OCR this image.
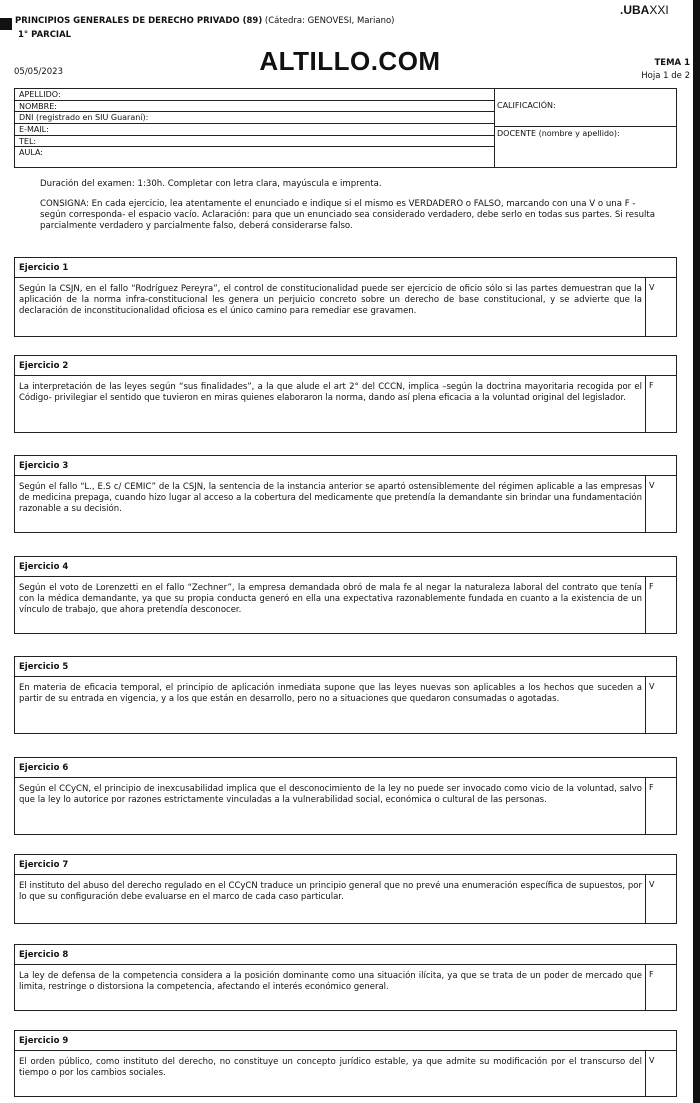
PRINCIPIOS GENERALES DE DERECHO PRIVADO (89) (Cátedra: GENOVESI, Mariano)
1° PARCIAL
.UBAXXI
ALTILLO.COM
05/05/2023
TEMA 1
Hoja 1 de 2
APELLIDO:
NOMBRE:
DNI (registrado en SIU Guaraní):
E-MAIL:
TEL:
AULA:
CALIFICACIÓN:
DOCENTE (nombre y apellido):
Duración del examen: 1:30h. Completar con letra clara, mayúscula e imprenta.
CONSIGNA: En cada ejercicio, lea atentamente el enunciado e indique si el mismo es VERDADERO o FALSO, marcando con una V o una F -según corresponda- el espacio vacío. Aclaración: para que un enunciado sea considerado verdadero, debe serlo en todas sus partes. Si resulta parcialmente verdadero y parcialmente falso, deberá considerarse falso.
Ejercicio 1
Según la CSJN, en el fallo “Rodríguez Pereyra”, el control de constitucionalidad puede ser ejercicio de oficio sólo si las partes demuestran que la aplicación de la norma infra-constitucional les genera un perjuicio concreto sobre un derecho de base constitucional, y se advierte que la declaración de inconstitucionalidad oficiosa es el único camino para remediar ese gravamen.
V
Ejercicio 2
La interpretación de las leyes según “sus finalidades”, a la que alude el art 2° del CCCN, implica –según la doctrina mayoritaria recogida por el Código- privilegiar el sentido que tuvieron en miras quienes elaboraron la norma, dando así plena eficacia a la voluntad original del legislador.
F
Ejercicio 3
Según el fallo “L., E.S c/ CEMIC” de la CSJN, la sentencia de la instancia anterior se apartó ostensiblemente del régimen aplicable a las empresas de medicina prepaga, cuando hizo lugar al acceso a la cobertura del medicamente que pretendía la demandante sin brindar una fundamentación razonable a su decisión.
V
Ejercicio 4
Según el voto de Lorenzetti en el fallo “Zechner”, la empresa demandada obró de mala fe al negar la naturaleza laboral del contrato que tenía con la médica demandante, ya que su propia conducta generó en ella una expectativa razonablemente fundada en cuanto a la existencia de un vínculo de trabajo, que ahora pretendía desconocer.
F
Ejercicio 5
En materia de eficacia temporal, el principio de aplicación inmediata supone que las leyes nuevas son aplicables a los hechos que suceden a partir de su entrada en vigencia, y a los que están en desarrollo, pero no a situaciones que quedaron consumadas o agotadas.
V
Ejercicio 6
Según el CCyCN, el principio de inexcusabilidad implica que el desconocimiento de la ley no puede ser invocado como vicio de la voluntad, salvo que la ley lo autorice por razones estrictamente vinculadas a la vulnerabilidad social, económica o cultural de las personas.
F
Ejercicio 7
El instituto del abuso del derecho regulado en el CCyCN traduce un principio general que no prevé una enumeración específica de supuestos, por lo que su configuración debe evaluarse en el marco de cada caso particular.
V
Ejercicio 8
La ley de defensa de la competencia considera a la posición dominante como una situación ilícita, ya que se trata de un poder de mercado que limita, restringe o distorsiona la competencia, afectando el interés económico general.
F
Ejercicio 9
El orden público, como instituto del derecho, no constituye un concepto jurídico estable, ya que admite su modificación por el transcurso del tiempo o por los cambios sociales.
V
